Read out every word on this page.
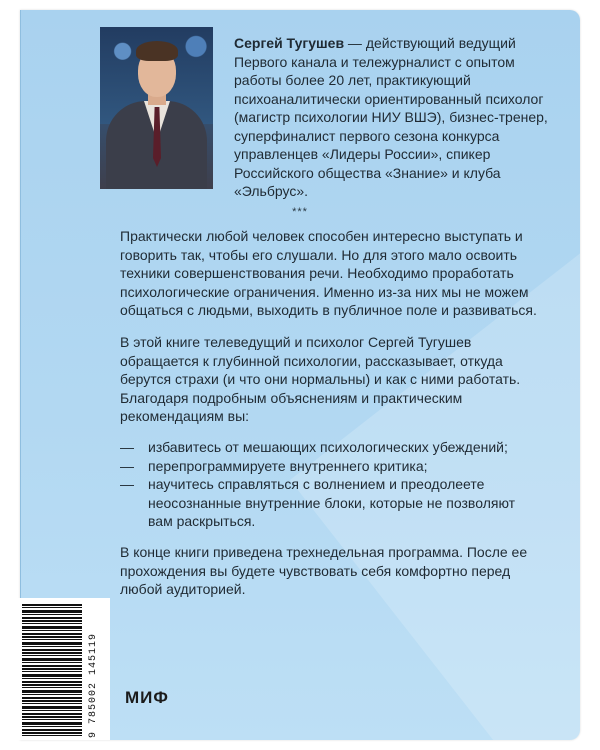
Сергей Тугушев — действующий ведущий Первого канала и тележурналист с опытом работы более 20 лет, практикующий психоаналитически ориентированный психолог (магистр психологии НИУ ВШЭ), бизнес-тренер, суперфиналист первого сезона конкурса управленцев «Лидеры России», спикер Российского общества «Знание» и клуба «Эльбрус».
***
Практически любой человек способен интересно выступать и говорить так, чтобы его слушали. Но для этого мало освоить техники совершенствования речи. Необходимо проработать психологические ограничения. Именно из-за них мы не можем общаться с людьми, выходить в публичное поле и развиваться.
В этой книге телеведущий и психолог Сергей Тугушев обращается к глубинной психологии, рассказывает, откуда берутся страхи (и что они нормальны) и как с ними работать. Благодаря подробным объяснениям и практическим рекомендациям вы:
— избавитесь от мешающих психологических убеждений;
— перепрограммируете внутреннего критика;
— научитесь справляться с волнением и преодолеете неосознанные внутренние блоки, которые не позволяют вам раскрыться.
В конце книги приведена трехнедельная программа. После ее прохождения вы будете чувствовать себя комфортно перед любой аудиторией.
9 785002 145119 МИФ
